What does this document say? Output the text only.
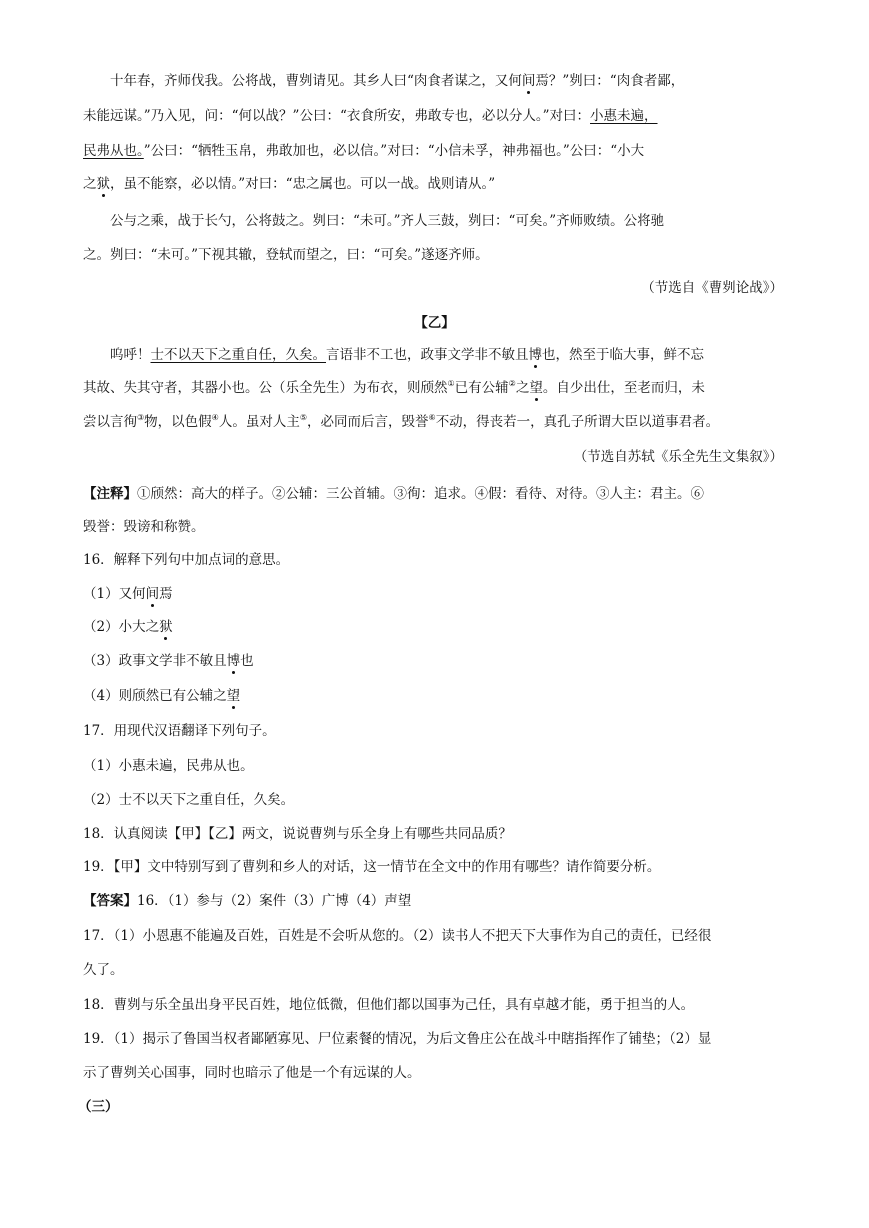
　　十年春，齐师伐我。公将战，曹刿请见。其乡人曰“肉食者谋之，又何间焉？”刿曰：“肉食者鄙，
未能远谋。”乃入见，问：“何以战？”公曰：“衣食所安，弗敢专也，必以分人。”对曰：小惠未遍，
民弗从也。”公曰：“牺牲玉帛，弗敢加也，必以信。”对曰：“小信未孚，神弗福也。”公曰：“小大
之狱，虽不能察，必以情。”对曰：“忠之属也。可以一战。战则请从。”
　　公与之乘，战于长勺，公将鼓之。刿曰：“未可。”齐人三鼓，刿曰：“可矣。”齐师败绩。公将驰
之。刿曰：“未可。”下视其辙，登轼而望之，曰：“可矣。”遂逐齐师。
（节选自《曹刿论战》）
【乙】
　　呜呼！士不以天下之重自任，久矣。言语非不工也，政事文学非不敏且博也，然至于临大事，鲜不忘
其故、失其守者，其器小也。公（乐全先生）为布衣，则颀然①已有公辅②之望。自少出仕，至老而归，未
尝以言徇③物，以色假④人。虽对人主⑤，必同而后言，毁誉⑥不动，得丧若一，真孔子所谓大臣以道事君者。
（节选自苏轼《乐全先生文集叙》）
【注释】①颀然：高大的样子。②公辅：三公首辅。③徇：追求。④假：看待、对待。③人主：君主。⑥
毁誉：毁谤和称赞。
16．解释下列句中加点词的意思。
（1）又何间焉
（2）小大之狱
（3）政事文学非不敏且博也
（4）则颀然已有公辅之望
17．用现代汉语翻译下列句子。
（1）小惠未遍，民弗从也。
（2）士不以天下之重自任，久矣。
18．认真阅读【甲】【乙】两文，说说曹刿与乐全身上有哪些共同品质？
19．【甲】文中特别写到了曹刿和乡人的对话，这一情节在全文中的作用有哪些？请作简要分析。
【答案】16．（1）参与（2）案件（3）广博（4）声望
17．（1）小恩惠不能遍及百姓，百姓是不会听从您的。（2）读书人不把天下大事作为自己的责任，已经很
久了。
18．曹刿与乐全虽出身平民百姓，地位低微，但他们都以国事为己任，具有卓越才能，勇于担当的人。
19．（1）揭示了鲁国当权者鄙陋寡见、尸位素餐的情况，为后文鲁庄公在战斗中瞎指挥作了铺垫；（2）显
示了曹刿关心国事，同时也暗示了他是一个有远谋的人。
（三）
